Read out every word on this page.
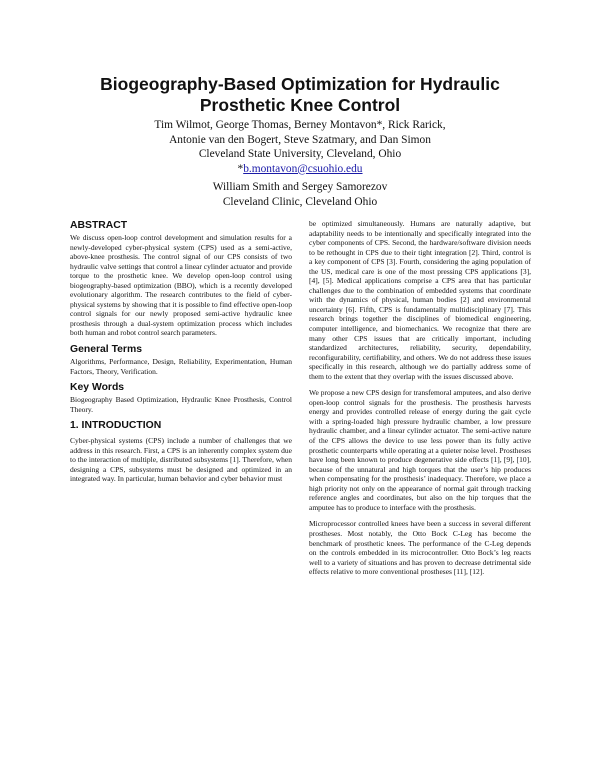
Biogeography-Based Optimization for Hydraulic
Prosthetic Knee Control
Tim Wilmot, George Thomas, Berney Montavon*, Rick Rarick,
Antonie van den Bogert, Steve Szatmary, and Dan Simon
Cleveland State University, Cleveland, Ohio
*b.montavon@csuohio.edu
William Smith and Sergey Samorezov
Cleveland Clinic, Cleveland Ohio
ABSTRACT

We discuss open-loop control development and simulation results for a newly-developed cyber-physical system (CPS) used as a semi-active, above-knee prosthesis. The control signal of our CPS consists of two hydraulic valve settings that control a linear cylinder actuator and provide torque to the prosthetic knee. We develop open-loop control using biogeography-based optimization (BBO), which is a recently developed evolutionary algorithm. The research contributes to the field of cyber-physical systems by showing that it is possible to find effective open-loop control signals for our newly proposed semi-active hydraulic knee prosthesis through a dual-system optimization process which includes both human and robot control search parameters.

General Terms

Algorithms, Performance, Design, Reliability, Experimentation, Human Factors, Theory, Verification.

Key Words

Biogeography Based Optimization, Hydraulic Knee Prosthesis, Control Theory.

1. INTRODUCTION

Cyber-physical systems (CPS) include a number of challenges that we address in this research. First, a CPS is an inherently complex system due to the interaction of multiple, distributed subsystems [1]. Therefore, when designing a CPS, subsystems must be designed and optimized in an integrated way. In particular, human behavior and cyber behavior must

be optimized simultaneously. Humans are naturally adaptive, but adaptability needs to be intentionally and specifically integrated into the cyber components of CPS. Second, the hardware/software division needs to be rethought in CPS due to their tight integration [2]. Third, control is a key component of CPS [3]. Fourth, considering the aging population of the US, medical care is one of the most pressing CPS applications [3], [4], [5]. Medical applications comprise a CPS area that has particular challenges due to the combination of embedded systems that coordinate with the dynamics of physical, human bodies [2] and environmental uncertainty [6]. Fifth, CPS is fundamentally multidisciplinary [7]. This research brings together the disciplines of biomedical engineering, computer intelligence, and biomechanics. We recognize that there are many other CPS issues that are critically important, including standardized architectures, reliability, security, dependability, reconfigurability, certifiability, and others. We do not address these issues specifically in this research, although we do partially address some of them to the extent that they overlap with the issues discussed above.

We propose a new CPS design for transfemoral amputees, and also derive open-loop control signals for the prosthesis. The prosthesis harvests energy and provides controlled release of energy during the gait cycle with a spring-loaded high pressure hydraulic chamber, a low pressure hydraulic chamber, and a linear cylinder actuator. The semi-active nature of the CPS allows the device to use less power than its fully active prosthetic counterparts while operating at a quieter noise level. Prostheses have long been known to produce degenerative side effects [1], [9], [10], because of the unnatural and high torques that the user’s hip produces when compensating for the prosthesis’ inadequacy. Therefore, we place a high priority not only on the appearance of normal gait through tracking reference angles and coordinates, but also on the hip torques that the amputee has to produce to interface with the prosthesis.

Microprocessor controlled knees have been a success in several different prostheses. Most notably, the Otto Bock C-Leg has become the benchmark of prosthetic knees. The performance of the C-Leg depends on the controls embedded in its microcontroller. Otto Bock’s leg reacts well to a variety of situations and has proven to decrease detrimental side effects relative to more conventional prostheses [11], [12].
